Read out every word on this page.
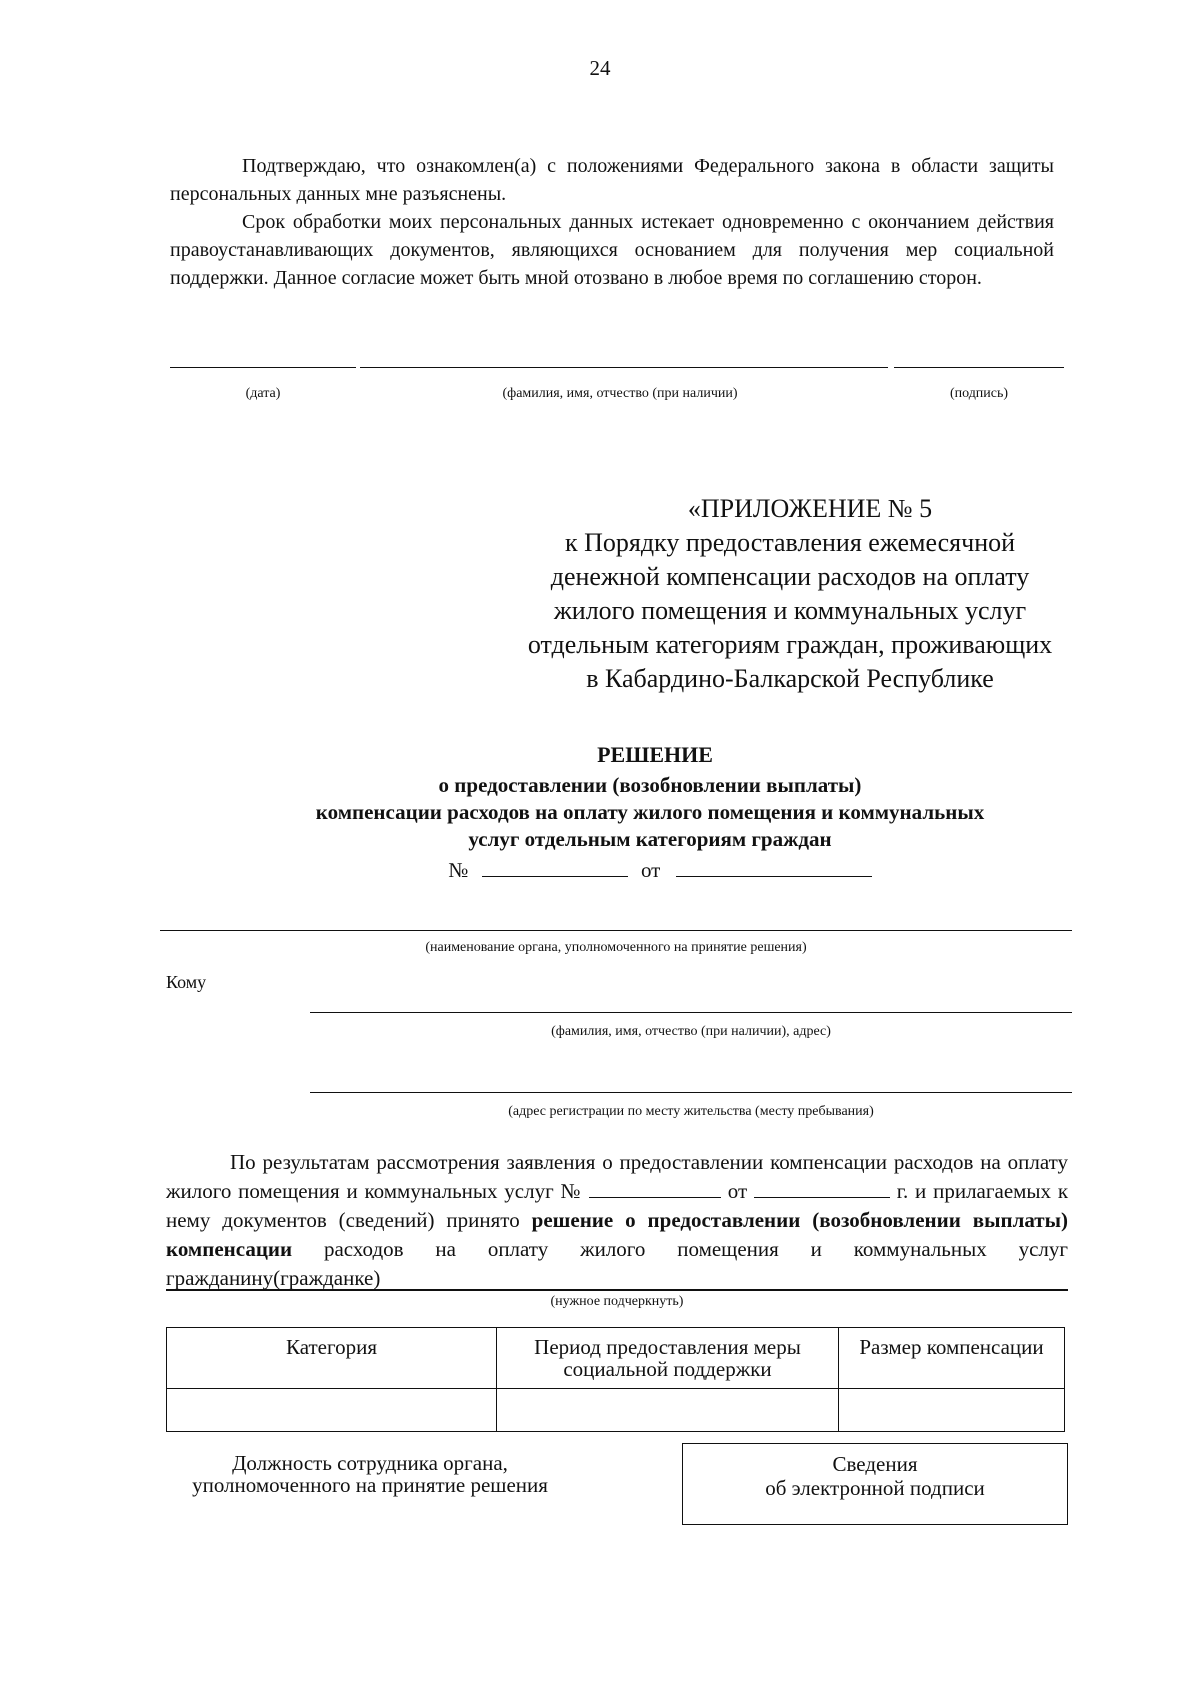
24
Подтверждаю, что ознакомлен(а) с положениями Федерального закона в области защиты персональных данных мне разъяснены.
Срок обработки моих персональных данных истекает одновременно с окончанием действия правоустанавливающих документов, являющихся основанием для получения мер социальной поддержки. Данное согласие может быть мной отозвано в любое время по соглашению сторон.
(дата)	(фамилия, имя, отчество (при наличии)	(подпись)
«ПРИЛОЖЕНИЕ № 5
к Порядку предоставления ежемесячной
денежной компенсации расходов на оплату
жилого помещения и коммунальных услуг
отдельным категориям граждан, проживающих
в Кабардино-Балкарской Республике
РЕШЕНИЕ
о предоставлении (возобновлении выплаты)
компенсации расходов на оплату жилого помещения и коммунальных
услуг отдельным категориям граждан
№	от
(наименование органа, уполномоченного на принятие решения)
Кому
(фамилия, имя, отчество (при наличии), адрес)
(адрес регистрации по месту жительства (месту пребывания)
По результатам рассмотрения заявления о предоставлении компенсации расходов на оплату жилого помещения и коммунальных услуг №	от	г. и прилагаемых к нему документов (сведений) принято решение о предоставлении (возобновлении выплаты) компенсации расходов на оплату жилого помещения и коммунальных услуг гражданину(гражданке)
(нужное подчеркнуть)
Категория	Период предоставления меры социальной поддержки	Размер компенсации

Должность сотрудника органа, уполномоченного на принятие решения
Сведения
об электронной подписи
